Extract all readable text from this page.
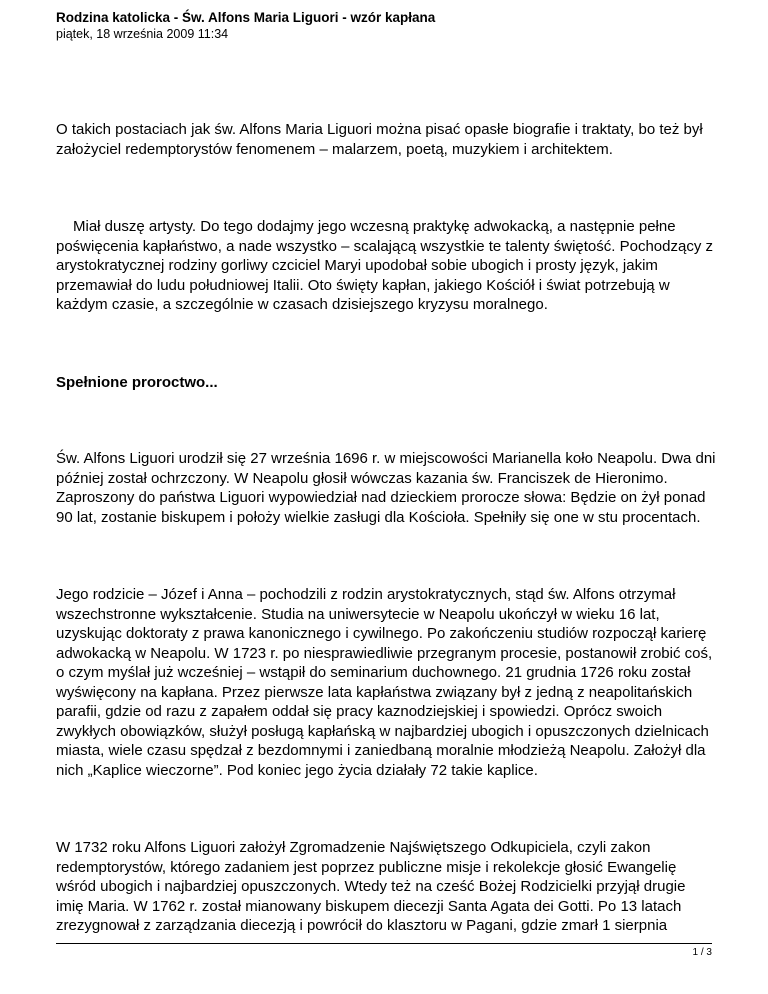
Rodzina katolicka - Św. Alfons Maria Liguori - wzór kapłana

piątek, 18 września 2009 11:34

O takich postaciach jak św. Alfons Maria Liguori można pisać opasłe biografie i traktaty, bo też był założyciel redemptorystów fenomenem – malarzem, poetą, muzykiem i architektem.

Miał duszę artysty. Do tego dodajmy jego wczesną praktykę adwokacką, a następnie pełne poświęcenia kapłaństwo, a nade wszystko – scalającą wszystkie te talenty świętość. Pochodzący z arystokratycznej rodziny gorliwy czciciel Maryi upodobał sobie ubogich i prosty język, jakim przemawiał do ludu południowej Italii. Oto święty kapłan, jakiego Kościół i świat potrzebują w każdym czasie, a szczególnie w czasach dzisiejszego kryzysu moralnego.

Spełnione proroctwo...

Św. Alfons Liguori urodził się 27 września 1696 r. w miejscowości Marianella koło Neapolu. Dwa dni później został ochrzczony. W Neapolu głosił wówczas kazania św. Franciszek de Hieronimo. Zaproszony do państwa Liguori wypowiedział nad dzieckiem prorocze słowa: Będzie on żył ponad 90 lat, zostanie biskupem i położy wielkie zasługi dla Kościoła. Spełniły się one w stu procentach.

Jego rodzicie – Józef i Anna – pochodzili z rodzin arystokratycznych, stąd św. Alfons otrzymał wszechstronne wykształcenie. Studia na uniwersytecie w Neapolu ukończył w wieku 16 lat, uzyskując doktoraty z prawa kanonicznego i cywilnego. Po zakończeniu studiów rozpoczął karierę adwokacką w Neapolu. W 1723 r. po niesprawiedliwie przegranym procesie, postanowił zrobić coś, o czym myślał już wcześniej – wstąpił do seminarium duchownego. 21 grudnia 1726 roku został wyświęcony na kapłana. Przez pierwsze lata kapłaństwa związany był z jedną z neapolitańskich parafii, gdzie od razu z zapałem oddał się pracy kaznodziejskiej i spowiedzi. Oprócz swoich zwykłych obowiązków, służył posługą kapłańską w najbardziej ubogich i opuszczonych dzielnicach miasta, wiele czasu spędzał z bezdomnymi i zaniedbaną moralnie młodzieżą Neapolu. Założył dla nich „Kaplice wieczorne”. Pod koniec jego życia działały 72 takie kaplice.

W 1732 roku Alfons Liguori założył Zgromadzenie Najświętszego Odkupiciela, czyli zakon redemptorystów, którego zadaniem jest poprzez publiczne misje i rekolekcje głosić Ewangelię wśród ubogich i najbardziej opuszczonych. Wtedy też na cześć Bożej Rodzicielki przyjął drugie imię Maria. W 1762 r. został mianowany biskupem diecezji Santa Agata dei Gotti. Po 13 latach zrezygnował z zarządzania diecezją i powrócił do klasztoru w Pagani, gdzie zmarł 1 sierpnia

1 / 3
